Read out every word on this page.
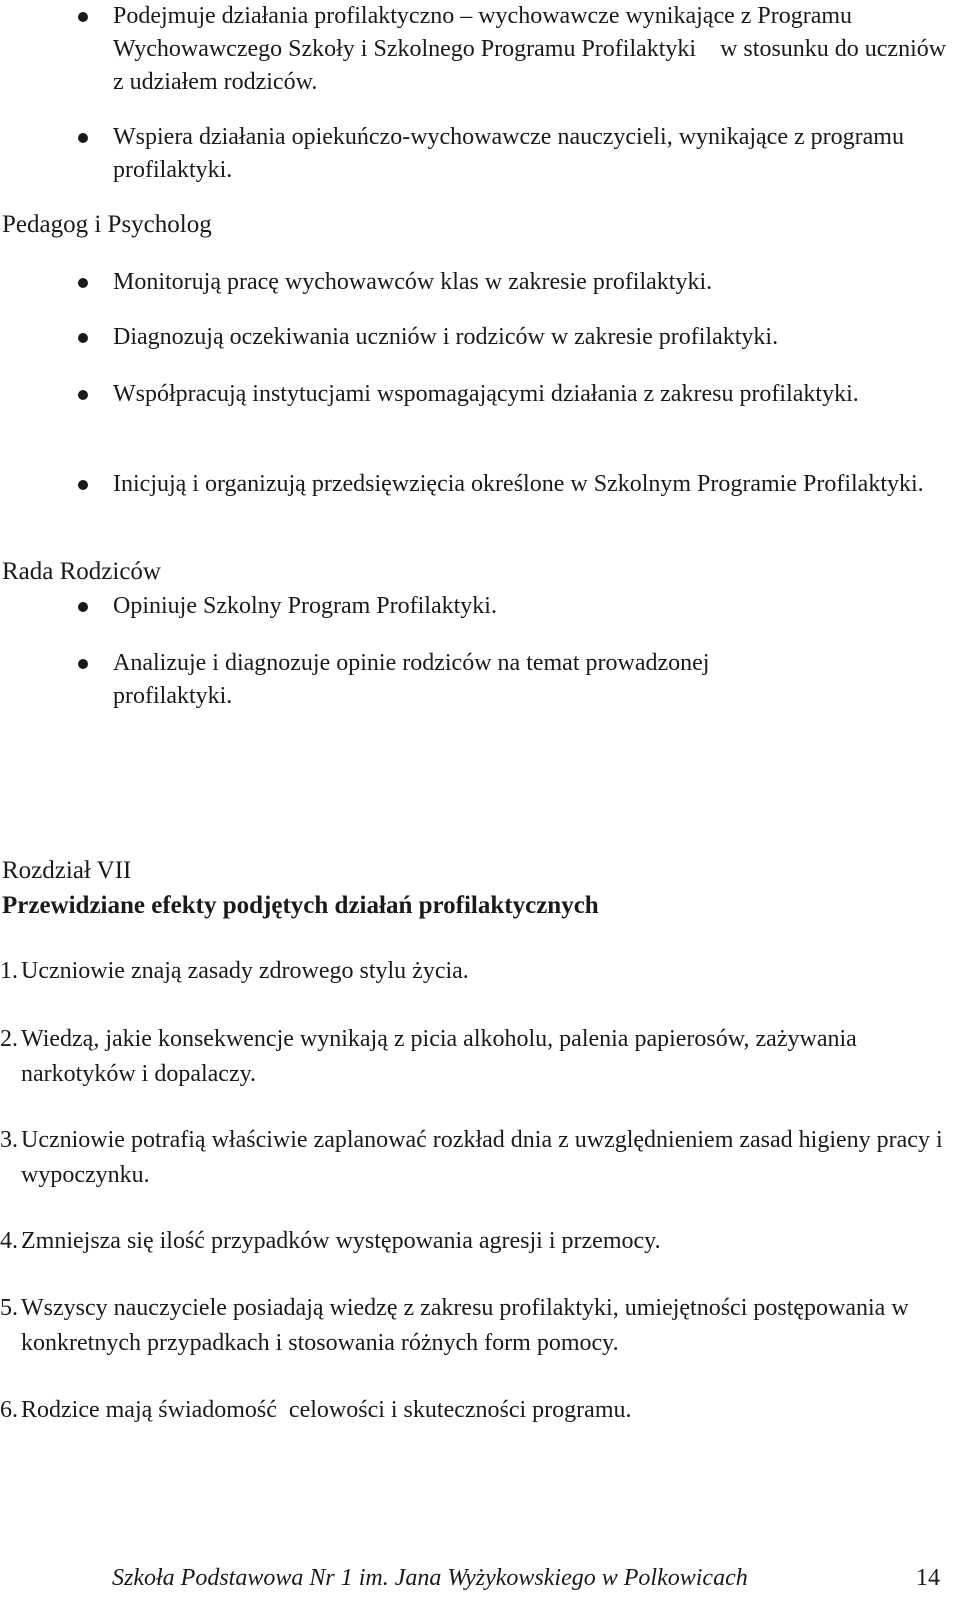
Podejmuje działania profilaktyczno – wychowawcze wynikające z Programu Wychowawczego Szkoły i Szkolnego Programu Profilaktyki    w stosunku do uczniów z udziałem rodziców.
Wspiera działania opiekuńczo-wychowawcze nauczycieli, wynikające z programu profilaktyki.
Pedagog i Psycholog
Monitorują pracę wychowawców klas w zakresie profilaktyki.
Diagnozują oczekiwania uczniów i rodziców w zakresie profilaktyki.
Współpracują instytucjami wspomagającymi działania z zakresu profilaktyki.
Inicjują i organizują przedsięwzięcia określone w Szkolnym Programie Profilaktyki.
Rada Rodziców
Opiniuje Szkolny Program Profilaktyki.
Analizuje i diagnozuje opinie rodziców na temat prowadzonej profilaktyki.
Rozdział VII
Przewidziane efekty podjętych działań profilaktycznych
1. Uczniowie znają zasady zdrowego stylu życia.
2. Wiedzą, jakie konsekwencje wynikają z picia alkoholu, palenia papierosów, zażywania narkotyków i dopalaczy.
3. Uczniowie potrafią właściwie zaplanować rozkład dnia z uwzględnieniem zasad higieny pracy i wypoczynku.
4. Zmniejsza się ilość przypadków występowania agresji i przemocy.
5. Wszyscy nauczyciele posiadają wiedzę z zakresu profilaktyki, umiejętności postępowania w konkretnych przypadkach i stosowania różnych form pomocy.
6. Rodzice mają świadomość  celowości i skuteczności programu.
Szkoła Podstawowa Nr 1 im. Jana Wyżykowskiego w Polkowicach	14
